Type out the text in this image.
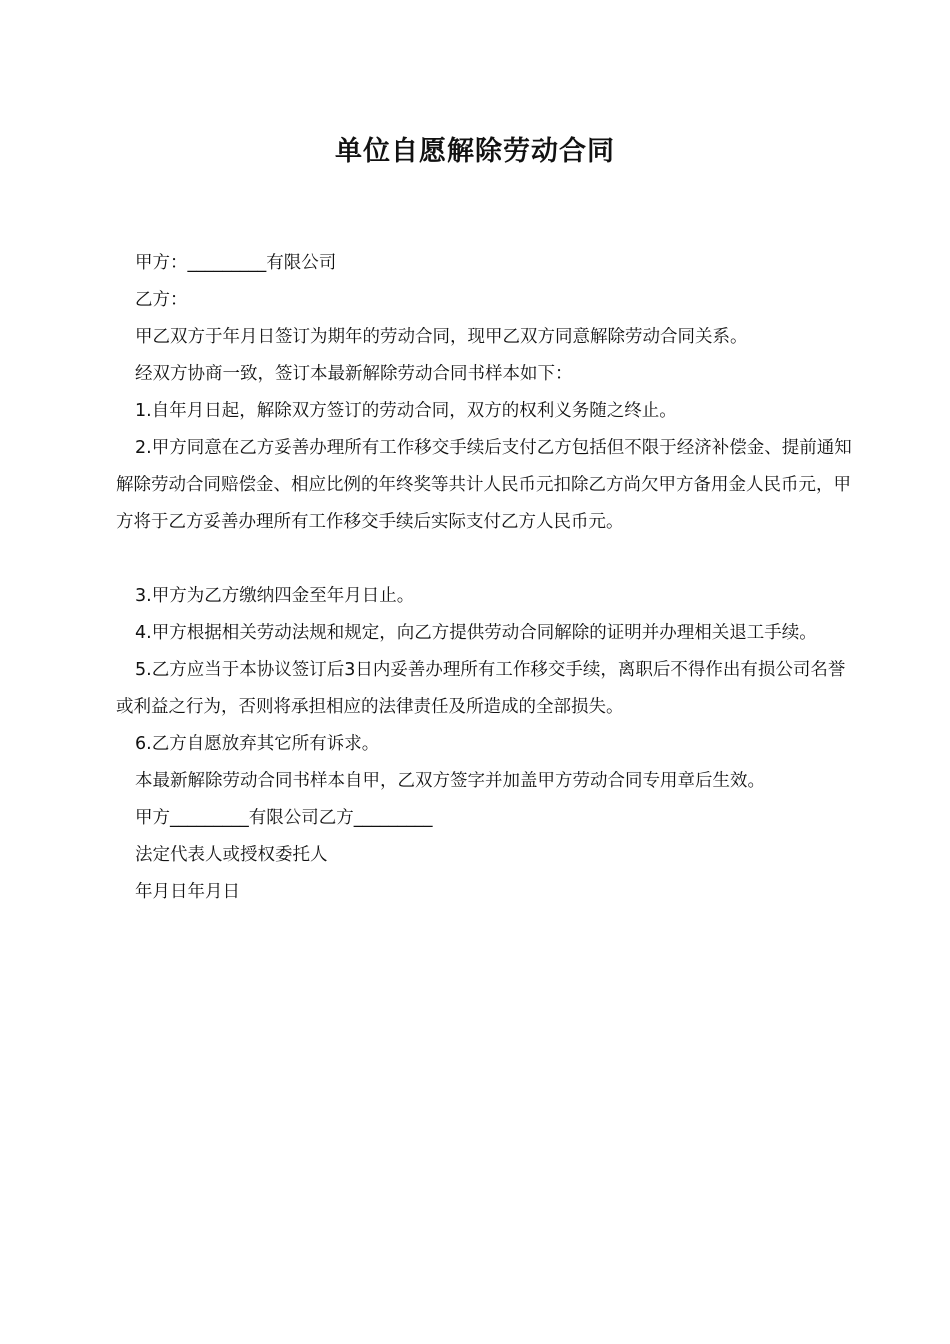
单位自愿解除劳动合同

甲方：_________有限公司

乙方：

甲乙双方于年月日签订为期年的劳动合同，现甲乙双方同意解除劳动合同关系。

经双方协商一致，签订本最新解除劳动合同书样本如下：

1.自年月日起，解除双方签订的劳动合同，双方的权利义务随之终止。

2.甲方同意在乙方妥善办理所有工作移交手续后支付乙方包括但不限于经济补偿金、提前通知解除劳动合同赔偿金、相应比例的年终奖等共计人民币元扣除乙方尚欠甲方备用金人民币元，甲方将于乙方妥善办理所有工作移交手续后实际支付乙方人民币元。

3.甲方为乙方缴纳四金至年月日止。

4.甲方根据相关劳动法规和规定，向乙方提供劳动合同解除的证明并办理相关退工手续。

5.乙方应当于本协议签订后3日内妥善办理所有工作移交手续，离职后不得作出有损公司名誉或利益之行为，否则将承担相应的法律责任及所造成的全部损失。

6.乙方自愿放弃其它所有诉求。

本最新解除劳动合同书样本自甲，乙双方签字并加盖甲方劳动合同专用章后生效。

甲方_________有限公司乙方_________

法定代表人或授权委托人

年月日年月日
